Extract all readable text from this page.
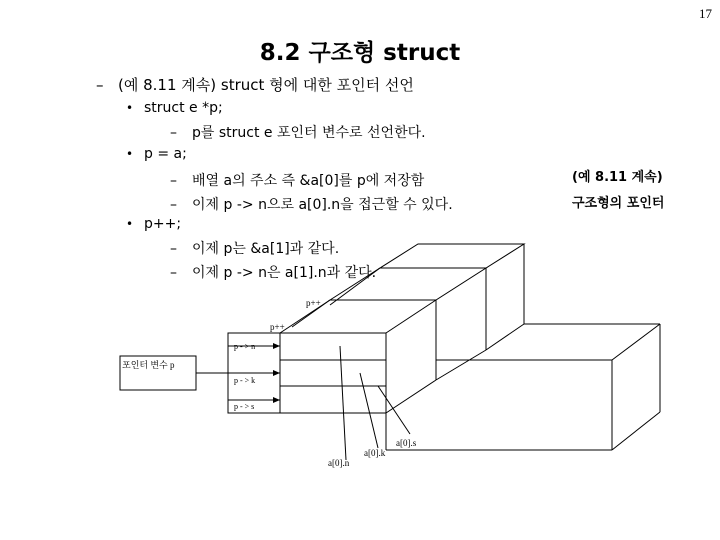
17
8.2 구조형 struct
– (예 8.11 계속) struct 형에 대한 포인터 선언
• struct e *p;
– p를 struct e 포인터 변수로 선언한다.
• p = a;
– 배열 a의 주소 즉 &a[0]를 p에 저장함
– 이제 p -> n으로 a[0].n을 접근할 수 있다.
• p++;
– 이제 p는 &a[1]과 같다.
– 이제 p -> n은 a[1].n과 같다.
(예 8.11 계속)
구조형의 포인터
포인터 변수 p
p++
p++
p - > n
p - > k
p - > s
a[0].s
a[0].k
a[0].n
